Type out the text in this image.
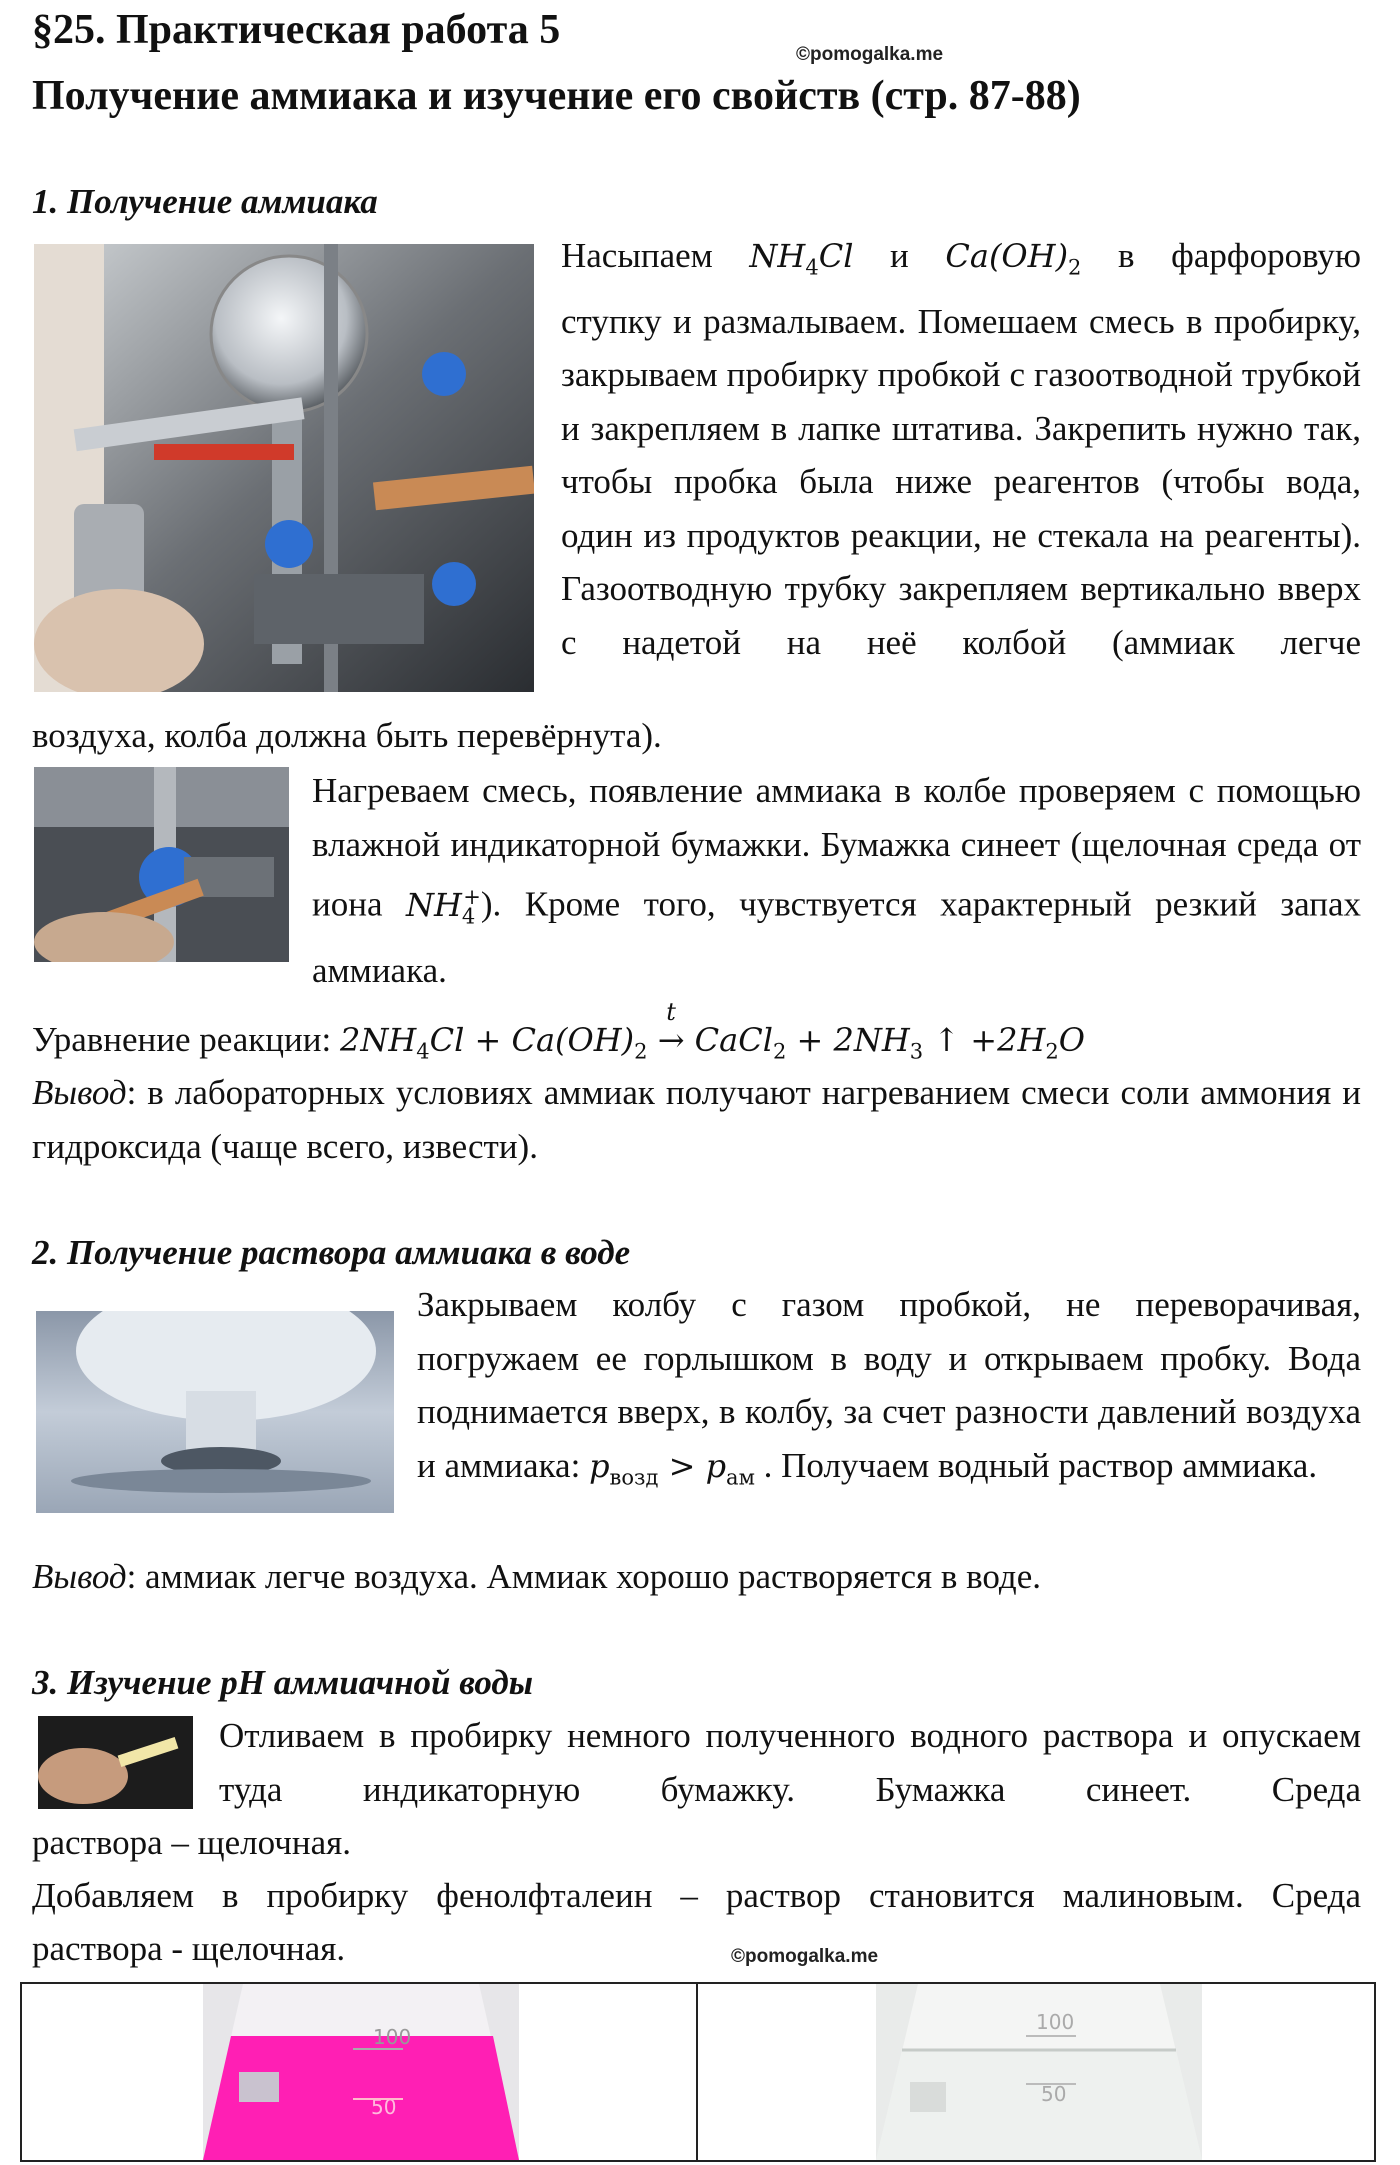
§25. Практическая работа 5
©pomogalka.me
Получение аммиака и изучение его свойств (стр. 87-88)
1. Получение аммиака
Насыпаем $NH_4Cl$ и $Ca(OH)_2$ в фарфоровую
ступку и размалываем. Помешаем смесь в пробирку, закрываем пробирку пробкой с газоотводной трубкой и закрепляем в лапке штатива. Закрепить нужно так, чтобы пробка была ниже реагентов (чтобы вода, один из продуктов реакции, не стекала на реагенты). Газоотводную трубку закрепляем вертикально вверх с надетой на неё колбой (аммиак легче
воздуха, колба должна быть перевёрнута).
Нагреваем смесь, появление аммиака в колбе проверяем с помощью влажной индикаторной бумажки. Бумажка синеет (щелочная среда от иона $NH_4^+$). Кроме того, чувствуется характерный резкий запах аммиака.
Уравнение реакции: $2NH_4Cl + Ca(OH)_2$
t
→ CaCl$_2$ + $2NH_3$ ↑ $+2H_2O$
Вывод: в лабораторных условиях аммиак получают нагреванием смеси соли аммония и гидроксида (чаще всего, извести).
2. Получение раствора аммиака в воде
Закрываем колбу с газом пробкой, не переворачивая, погружаем ее горлышком в воду и открываем пробку. Вода поднимается вверх, в колбу, за счет разности давлений воздуха и аммиака: $p_{возд} > p_{ам}$ . Получаем водный раствор аммиака.
Вывод: аммиак легче воздуха. Аммиак хорошо растворяется в воде.
3. Изучение pH аммиачной воды
Отливаем в пробирку немного полученного водного раствора и опускаем туда индикаторную бумажку. Бумажка синеет. Среда
раствора – щелочная.
Добавляем в пробирку фенолфталеин – раствор становится малиновым. Среда
раствора - щелочная.	©pomogalka.me
100
50
100
50
